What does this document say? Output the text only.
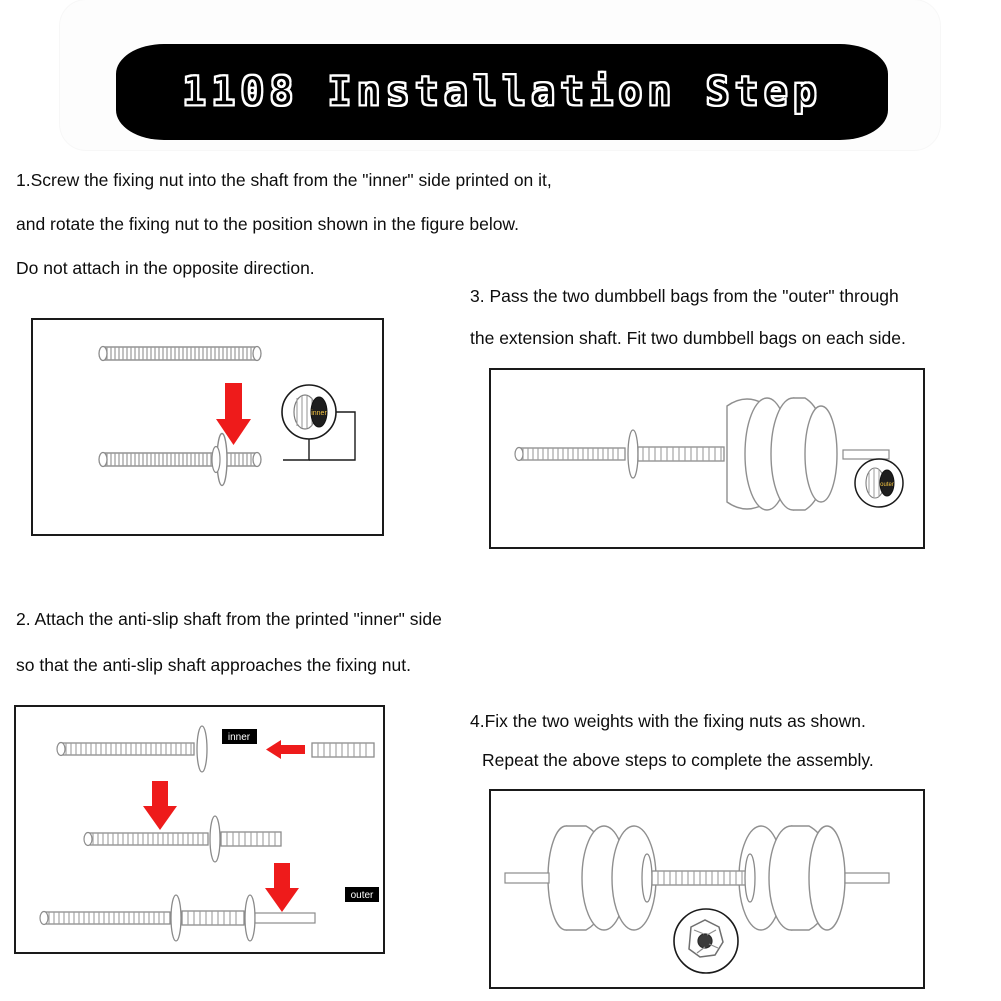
1108 Installation Step
1.Screw the fixing nut into the shaft from the "inner" side printed on it,
and rotate the fixing nut to the position shown in the figure below.
Do not attach in the opposite direction.
3. Pass the two dumbbell bags from the "outer" through
the extension shaft. Fit two dumbbell bags on each side.
inner
outer
2. Attach the anti-slip shaft from the printed "inner" side
so that the anti-slip shaft approaches the fixing nut.
4.Fix the two weights with the fixing nuts as shown.
Repeat the above steps to complete the assembly.
inner
outer
